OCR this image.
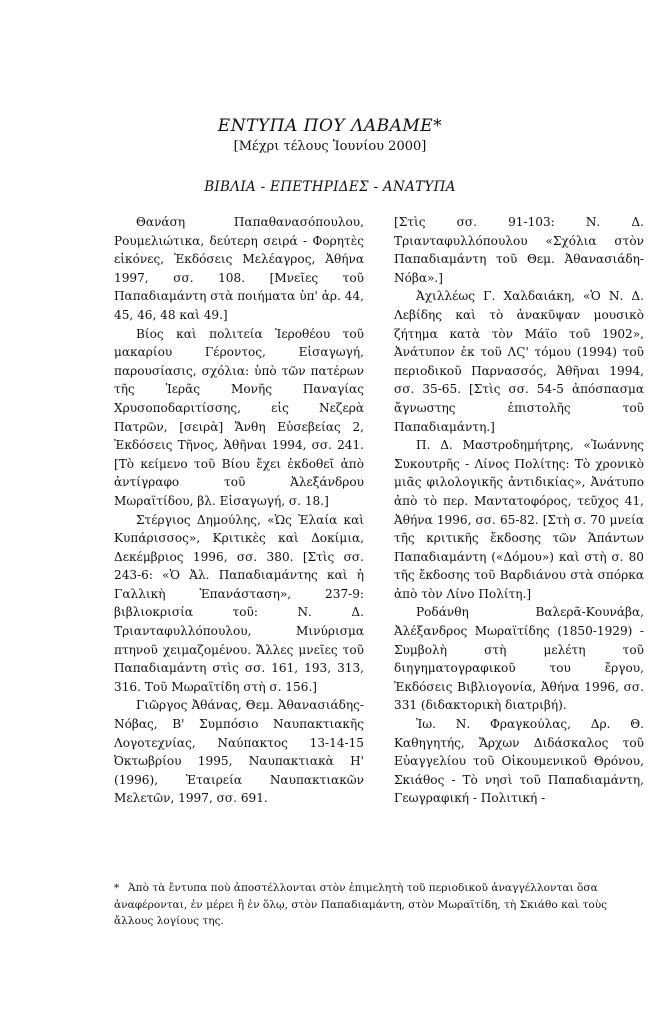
ΕΝΤΥΠΑ ΠΟΥ ΛΑΒΑΜΕ*
[Μέχρι τέλους Ἰουνίου 2000]
ΒΙΒΛΙΑ - ΕΠΕΤΗΡΙΔΕΣ - ΑΝΑΤΥΠΑ

Θανάση Παπαθανασόπουλου, Ρουμελιώτικα, δεύτερη σειρά - Φορητὲς εἰκόνες, Ἐκδόσεις Μελέαγρος, Ἀθήνα 1997, σσ. 108. [Μνεῖες τοῦ Παπαδιαμάντη στὰ ποιήματα ὑπ' ἀρ. 44, 45, 46, 48 καὶ 49.]

Βίος καὶ πολιτεία Ἱεροθέου τοῦ μακαρίου Γέροντος, Εἰσαγωγή, παρουσίασις, σχόλια: ὑπὸ τῶν πατέρων τῆς Ἱερᾶς Μονῆς Παναγίας Χρυσοποδαριτίσσης, εἰς Νεζερὰ Πατρῶν, [σειρὰ] Ἄνθη Εὐσεβείας 2, Ἐκδόσεις Τῆνος, Ἀθῆναι 1994, σσ. 241. [Τὸ κείμενο τοῦ Βίου ἔχει ἐκδοθεῖ ἀπὸ ἀντίγραφο τοῦ Ἀλεξάνδρου Μωραϊτίδου, βλ. Εἰσαγωγή, σ. 18.]

Στέργιος Δημούλης, «Ὡς Ἐλαία καὶ Κυπάρισσος», Κριτικὲς καὶ Δοκίμια, Δεκέμβριος 1996, σσ. 380. [Στὶς σσ. 243-6: «Ὁ Ἀλ. Παπαδιαμάντης καὶ ἡ Γαλλικὴ Ἐπανάσταση», 237-9: βιβλιοκρισία τοῦ: Ν. Δ. Τριανταφυλλόπουλου, Μινύρισμα πτηνοῦ χειμαζομένου. Ἄλλες μνεῖες τοῦ Παπαδιαμάντη στὶς σσ. 161, 193, 313, 316. Τοῦ Μωραϊτίδη στὴ σ. 156.]

Γιῶργος Ἀθάνας, Θεμ. Ἀθανασιάδης-Νόβας, Β' Συμπόσιο Ναυπακτιακῆς Λογοτεχνίας, Ναύπακτος 13-14-15 Ὀκτωβρίου 1995, Ναυπακτιακὰ Η' (1996), Ἑταιρεία Ναυπακτιακῶν Μελετῶν, 1997, σσ. 691.

[Στὶς σσ. 91-103: Ν. Δ. Τριανταφυλλόπουλου «Σχόλια στὸν Παπαδιαμάντη τοῦ Θεμ. Ἀθανασιάδη-Νόβα».]

Ἀχιλλέως Γ. Χαλδαιάκη, «Ὁ Ν. Δ. Λεβίδης καὶ τὸ ἀνακῦψαν μουσικὸ ζήτημα κατὰ τὸν Μάϊο τοῦ 1902», Ἀνάτυπον ἐκ τοῦ ΛϚ' τόμου (1994) τοῦ περιοδικοῦ Παρνασσός, Ἀθῆναι 1994, σσ. 35-65. [Στὶς σσ. 54-5 ἀπόσπασμα ἄγνωστης ἐπιστολῆς τοῦ Παπαδιαμάντη.]

Π. Δ. Μαστροδημήτρης, «Ἰωάννης Συκουτρῆς - Λίνος Πολίτης: Τὸ χρονικὸ μιᾶς φιλολογικῆς ἀντιδικίας», Ἀνάτυπο ἀπὸ τὸ περ. Μαντατοφόρος, τεῦχος 41, Ἀθήνα 1996, σσ. 65-82. [Στὴ σ. 70 μνεία τῆς κριτικῆς ἔκδοσης τῶν Ἁπάντων Παπαδιαμάντη («Δόμου») καὶ στὴ σ. 80 τῆς ἔκδοσης τοῦ Βαρδιάνου στὰ σπόρκα ἀπὸ τὸν Λίνο Πολίτη.]

Ροδάνθη Βαλερᾶ-Κουνάβα, Ἀλέξανδρος Μωραϊτίδης (1850-1929) - Συμβολὴ στὴ μελέτη τοῦ διηγηματογραφικοῦ του ἔργου, Ἐκδόσεις Βιβλιογονία, Ἀθήνα 1996, σσ. 331 (διδακτορικὴ διατριβή).

Ἰω. Ν. Φραγκούλας, Δρ. Θ. Καθηγητής, Ἄρχων Διδάσκαλος τοῦ Εὐαγγελίου τοῦ Οἰκουμενικοῦ Θρόνου, Σκιάθος - Τὸ νησὶ τοῦ Παπαδιαμάντη, Γεωγραφική - Πολιτική -

* Ἀπὸ τὰ ἔντυπα ποὺ ἀποστέλλονται στὸν ἐπιμελητὴ τοῦ περιοδικοῦ ἀναγγέλλονται ὅσα ἀναφέρονται, ἐν μέρει ἢ ἐν ὅλῳ, στὸν Παπαδιαμάντη, στὸν Μωραϊτίδη, τὴ Σκιάθο καὶ τοὺς ἄλλους λογίους της.
